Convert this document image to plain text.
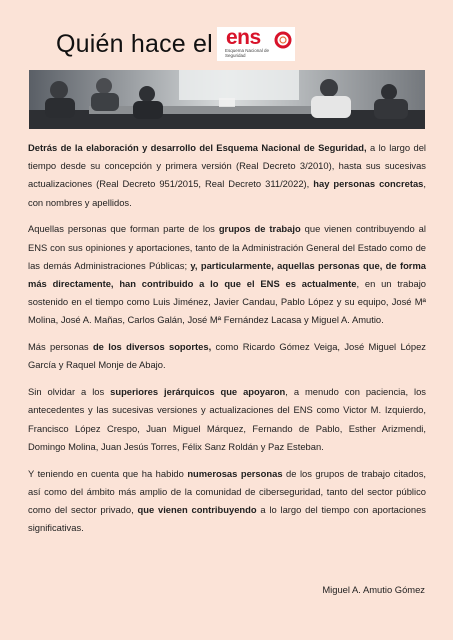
Quién hace el ens
Esquema Nacional de Seguridad

Detrás de la elaboración y desarrollo del Esquema Nacional de Seguridad, a lo largo del tiempo desde su concepción y primera versión (Real Decreto 3/2010), hasta sus sucesivas actualizaciones (Real Decreto 951/2015, Real Decreto 311/2022), hay personas concretas, con nombres y apellidos.

Aquellas personas que forman parte de los grupos de trabajo que vienen contribuyendo al ENS con sus opiniones y aportaciones, tanto de la Administración General del Estado como de las demás Administraciones Públicas; y, particularmente, aquellas personas que, de forma más directamente, han contribuido a lo que el ENS es actualmente, en un trabajo sostenido en el tiempo como Luis Jiménez, Javier Candau, Pablo López y su equipo, José Mª Molina, José A. Mañas, Carlos Galán, José Mª Fernández Lacasa y Miguel A. Amutio.

Más personas de los diversos soportes, como Ricardo Gómez Veiga, José Miguel López García y Raquel Monje de Abajo.

Sin olvidar a los superiores jerárquicos que apoyaron, a menudo con paciencia, los antecedentes y las sucesivas versiones y actualizaciones del ENS como Victor M. Izquierdo, Francisco López Crespo, Juan Miguel Márquez, Fernando de Pablo, Esther Arizmendi, Domingo Molina, Juan Jesús Torres, Félix Sanz Roldán y Paz Esteban.

Y teniendo en cuenta que ha habido numerosas personas de los grupos de trabajo citados, así como del ámbito más amplio de la comunidad de ciberseguridad, tanto del sector público como del sector privado, que vienen contribuyendo a lo largo del tiempo con aportaciones significativas.

Miguel A. Amutio Gómez
